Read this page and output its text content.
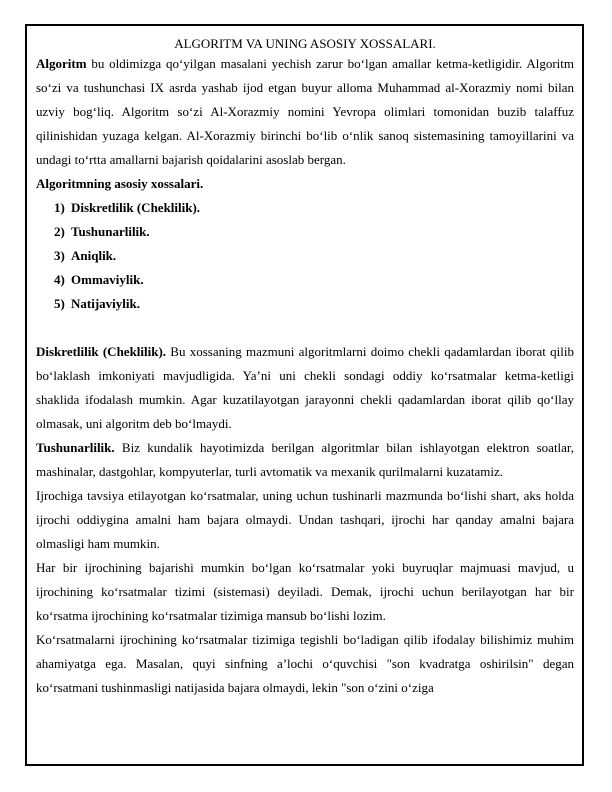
ALGORITM VA UNING ASOSIY XOSSALARI.

Algoritm bu oldimizga qo‘yilgan masalani yechish zarur bo‘lgan amallar ketma-ketligidir. Algoritm so‘zi va tushunchasi IX asrda yashab ijod etgan buyur alloma Muhammad al-Xorazmiy nomi bilan uzviy bog‘liq. Algoritm so‘zi Al-Xorazmiy nomini Yevropa olimlari tomonidan buzib talaffuz qilinishidan yuzaga kelgan. Al-Xorazmiy birinchi bo‘lib o‘nlik sanoq sistemasining tamoyillarini va undagi to‘rtta amallarni bajarish qoidalarini asoslab bergan.

Algoritmning asosiy xossalari.

1) Diskretlilik (Cheklilik).
2) Tushunarlilik.
3) Aniqlik.
4) Ommaviylik.
5) Natijaviylik.

Diskretlilik (Cheklilik). Bu xossaning mazmuni algoritmlarni doimo chekli qadamlardan iborat qilib bo‘laklash imkoniyati mavjudligida. Ya’ni uni chekli sondagi oddiy ko‘rsatmalar ketma-ketligi shaklida ifodalash mumkin. Agar kuzatilayotgan jarayonni chekli qadamlardan iborat qilib qo‘llay olmasak, uni algoritm deb bo‘lmaydi.

Tushunarlilik. Biz kundalik hayotimizda berilgan algoritmlar bilan ishlayotgan elektron soatlar, mashinalar, dastgohlar, kompyuterlar, turli avtomatik va mexanik qurilmalarni kuzatamiz.

Ijrochiga tavsiya etilayotgan ko‘rsatmalar, uning uchun tushinarli mazmunda bo‘lishi shart, aks holda ijrochi oddiygina amalni ham bajara olmaydi. Undan tashqari, ijrochi har qanday amalni bajara olmasligi ham mumkin.

Har bir ijrochining bajarishi mumkin bo‘lgan ko‘rsatmalar yoki buyruqlar majmuasi mavjud, u ijrochining ko‘rsatmalar tizimi (sistemasi) deyiladi. Demak, ijrochi uchun berilayotgan har bir ko‘rsatma ijrochining ko‘rsatmalar tizimiga mansub bo‘lishi lozim.

Ko‘rsatmalarni ijrochining ko‘rsatmalar tizimiga tegishli bo‘ladigan qilib ifodalay bilishimiz muhim ahamiyatga ega. Masalan, quyi sinfning a’lochi o‘quvchisi "son kvadratga oshirilsin" degan ko‘rsatmani tushinmasligi natijasida bajara olmaydi, lekin "son o‘zini o‘ziga
